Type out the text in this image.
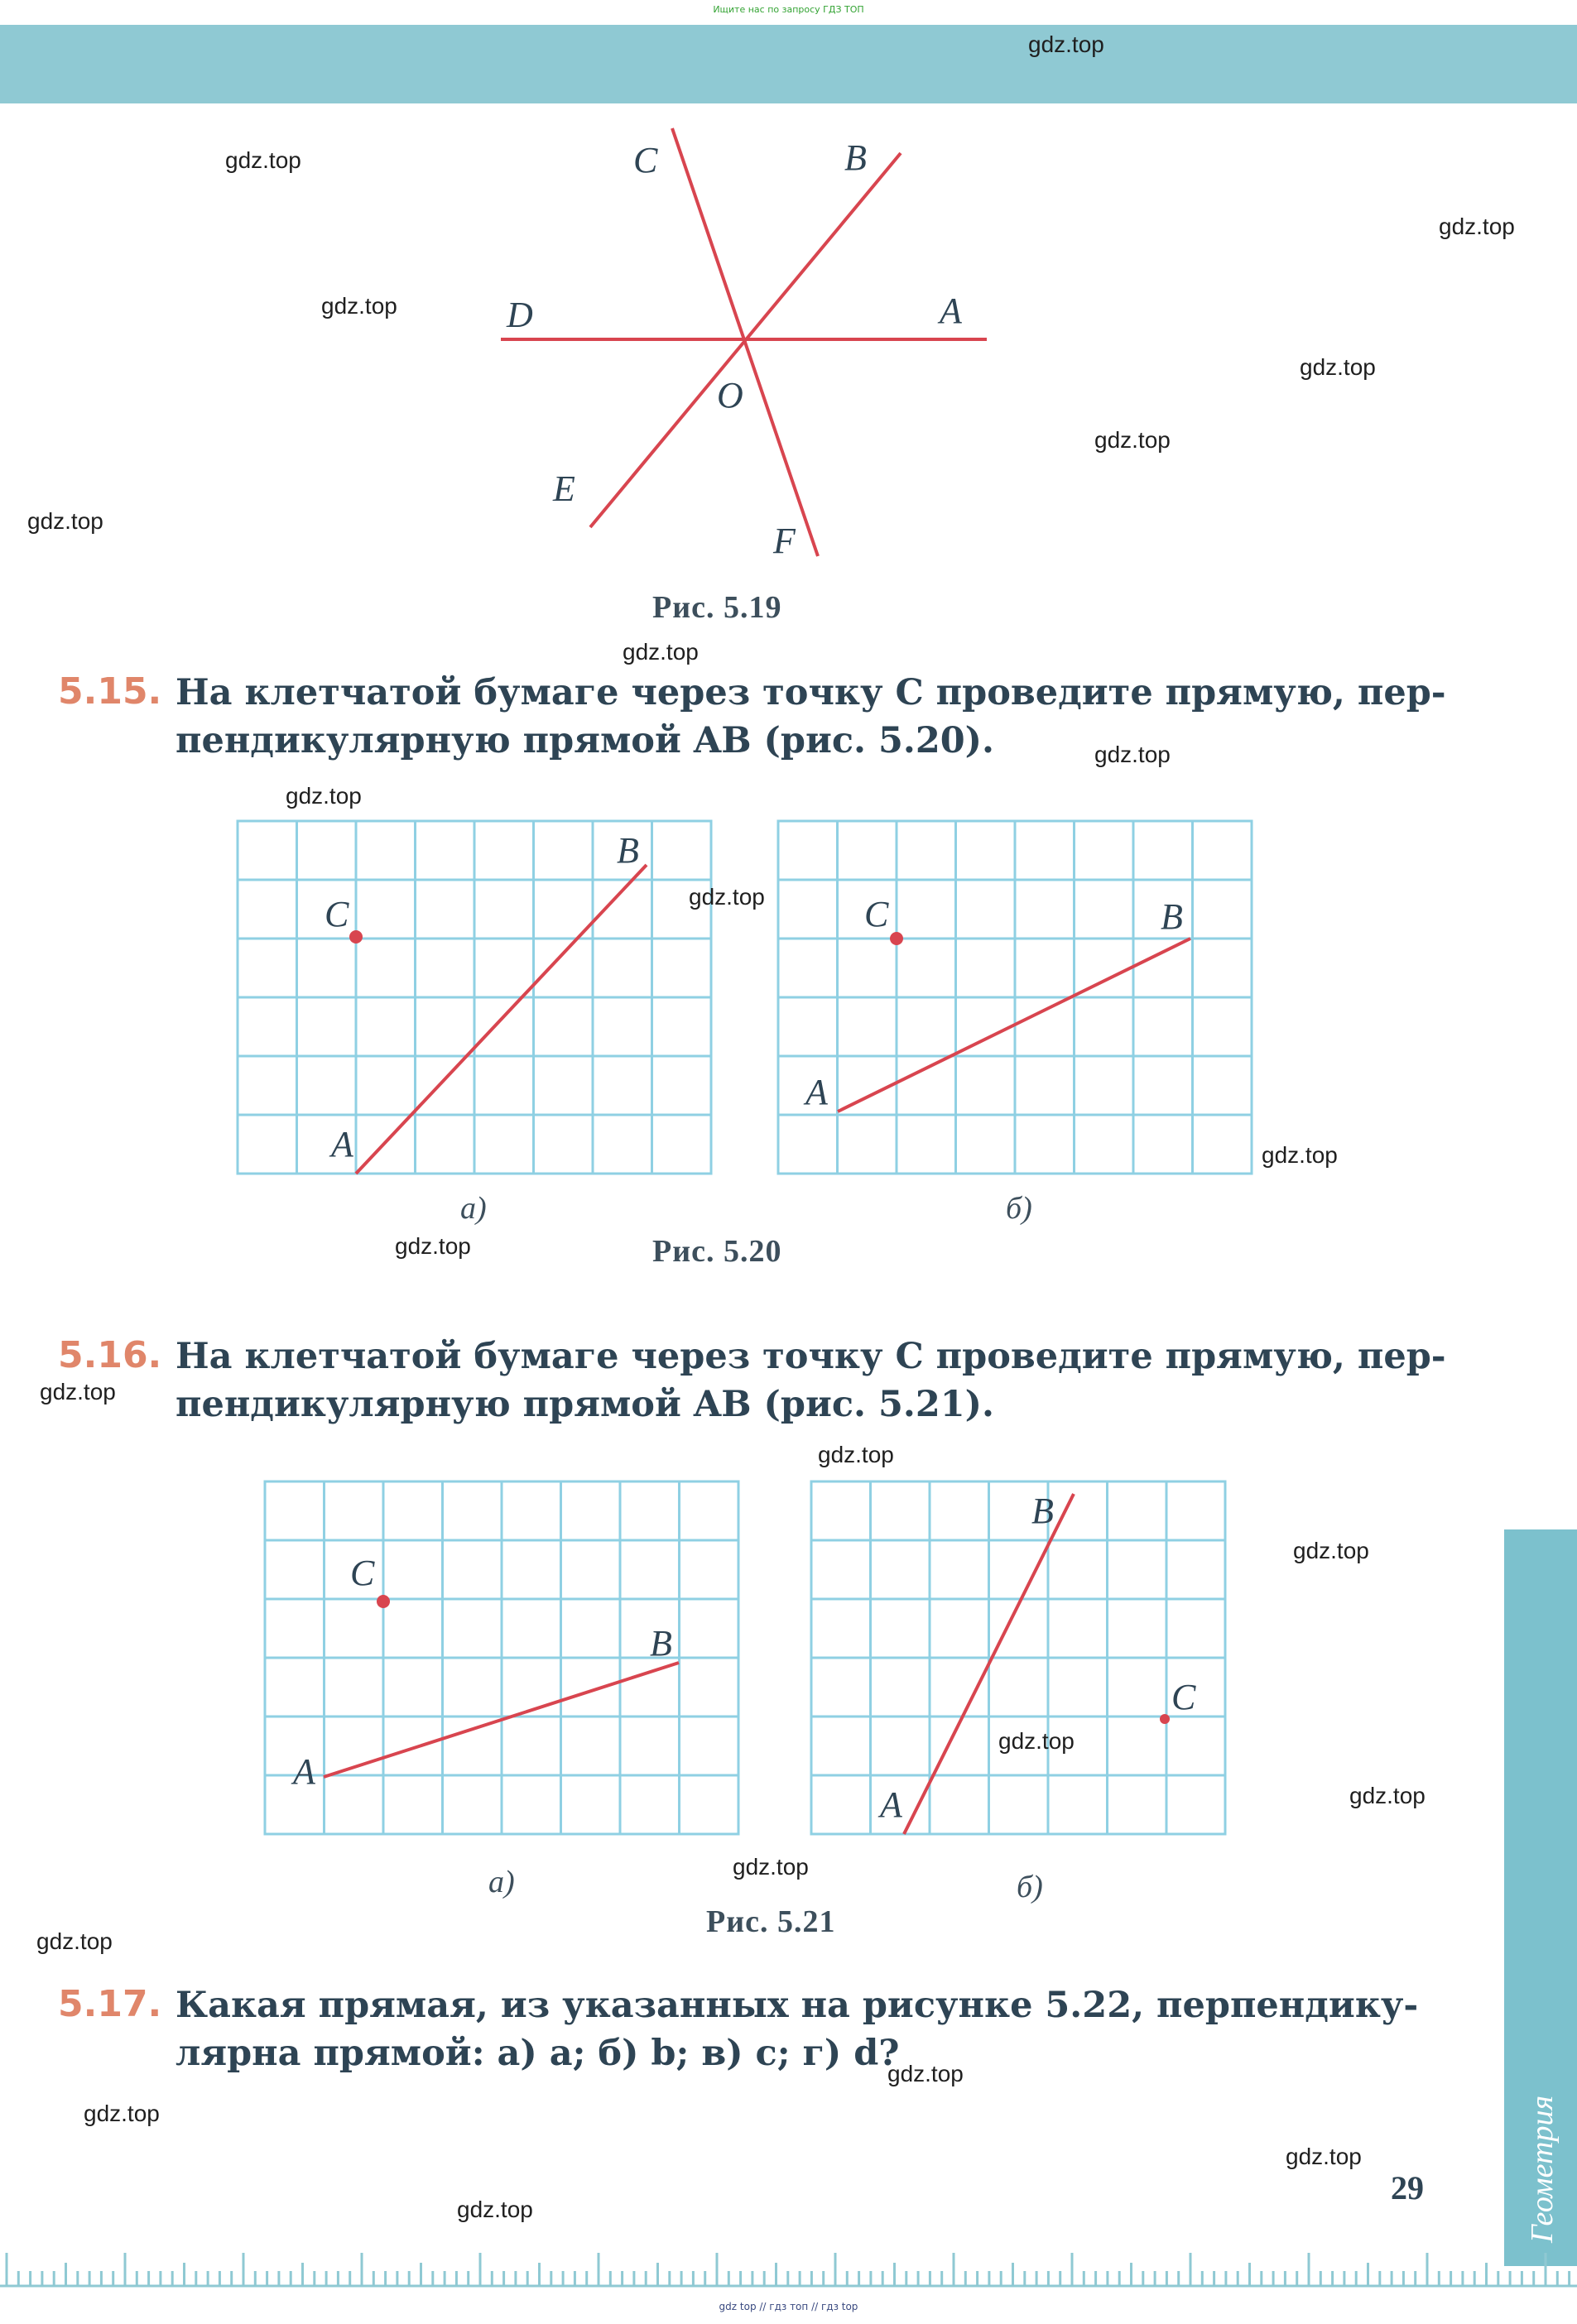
Ищите нас по запросу ГДЗ ТОП
C	B
D	A
O
E
F
Рис. 5.19
5.15. На клетчатой бумаге через точку C проведите прямую, пер-
пендикулярную прямой AB (рис. 5.20).
A
B
C
A
B
C
а)	б)
Рис. 5.20
5.16. На клетчатой бумаге через точку C проведите прямую, пер-
пендикулярную прямой AB (рис. 5.21).
A
B
C
A
B
C
а)	б)
Рис. 5.21
5.17. Какая прямая, из указанных на рисунке 5.22, перпендику-
лярна прямой: а) a; б) b; в) c; г) d?
29	Геометрия
gdz top // гдз топ // гдз top
gdz.top
gdz.top
gdz.top
gdz.top
gdz.top
gdz.top
gdz.top
gdz.top
gdz.top
gdz.top
gdz.top
gdz.top
gdz.top
gdz.top
gdz.top
gdz.top
gdz.top
gdz.top
gdz.top
gdz.top
gdz.top
gdz.top
gdz.top
gdz.top
